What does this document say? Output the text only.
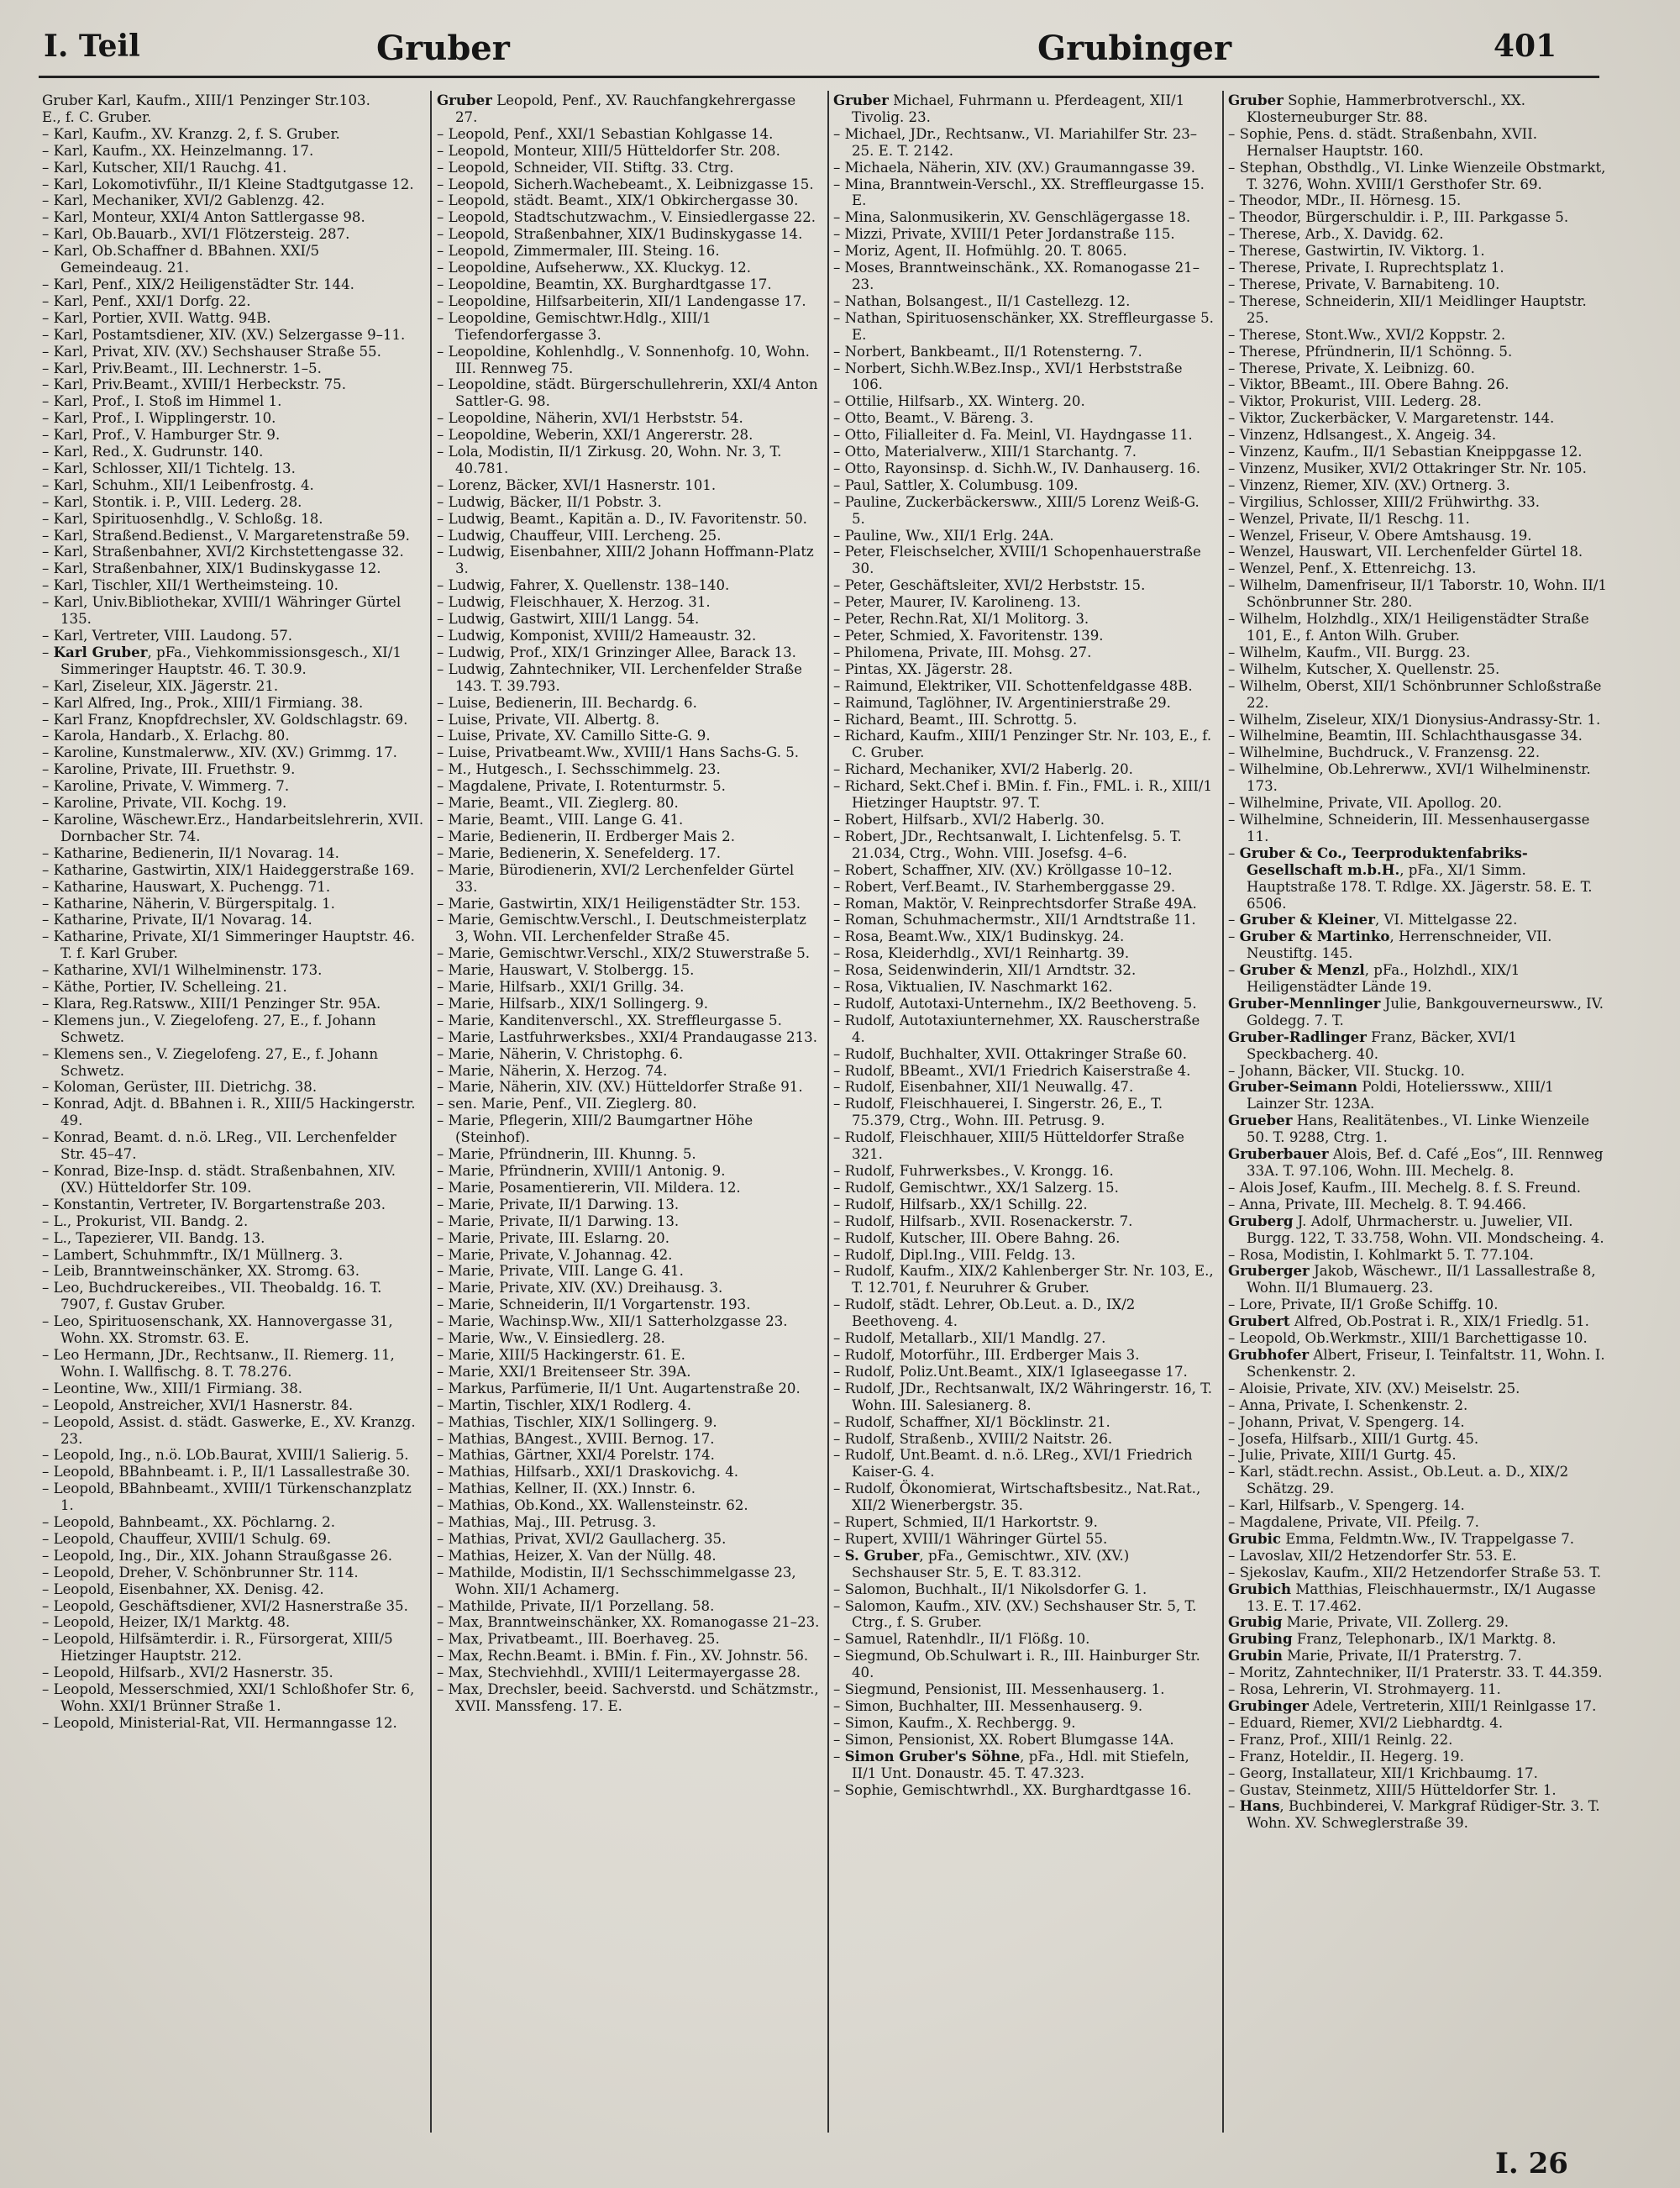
I. Teil	Gruber	Grubinger	401

Gruber Karl, Kaufm., XIII/1 Penzinger Str.103.

E., f. C. Gruber.

– Karl, Kaufm., XV. Kranzg. 2, f. S. Gruber.

– Karl, Kaufm., XX. Heinzelmanng. 17.

– Karl, Kutscher, XII/1 Rauchg. 41.

– Karl, Lokomotivführ., II/1 Kleine Stadtgutgasse 12.

– Karl, Mechaniker, XVI/2 Gablenzg. 42.

– Karl, Monteur, XXI/4 Anton Sattlergasse 98.

– Karl, Ob.Bauarb., XVI/1 Flötzersteig. 287.

– Karl, Ob.Schaffner d. BBahnen. XXI/5 Gemeindeaug. 21.

– Karl, Penf., XIX/2 Heiligenstädter Str. 144.

– Karl, Penf., XXI/1 Dorfg. 22.

– Karl, Portier, XVII. Wattg. 94B.

– Karl, Postamtsdiener, XIV. (XV.) Selzergasse 9–11.

– Karl, Privat, XIV. (XV.) Sechshauser Straße 55.

– Karl, Priv.Beamt., III. Lechnerstr. 1–5.

– Karl, Priv.Beamt., XVIII/1 Herbeckstr. 75.

– Karl, Prof., I. Stoß im Himmel 1.

– Karl, Prof., I. Wipplingerstr. 10.

– Karl, Prof., V. Hamburger Str. 9.

– Karl, Red., X. Gudrunstr. 140.

– Karl, Schlosser, XII/1 Tichtelg. 13.

– Karl, Schuhm., XII/1 Leibenfrostg. 4.

– Karl, Stontik. i. P., VIII. Lederg. 28.

– Karl, Spirituosenhdlg., V. Schloßg. 18.

– Karl, Straßend.Bedienst., V. Margaretenstraße 59.

– Karl, Straßenbahner, XVI/2 Kirchstettengasse 32.

– Karl, Straßenbahner, XIX/1 Budinskygasse 12.

– Karl, Tischler, XII/1 Wertheimsteing. 10.

– Karl, Univ.Bibliothekar, XVIII/1 Währinger Gürtel 135.

– Karl, Vertreter, VIII. Laudong. 57.

– Karl Gruber, pFa., Viehkommissionsgesch., XI/1 Simmeringer Hauptstr. 46. T. 30.9.

– Karl, Ziseleur, XIX. Jägerstr. 21.

– Karl Alfred, Ing., Prok., XIII/1 Firmiang. 38.

– Karl Franz, Knopfdrechsler, XV. Goldschlagstr. 69.

– Karola, Handarb., X. Erlachg. 80.

– Karoline, Kunstmalerww., XIV. (XV.) Grimmg. 17.

– Karoline, Private, III. Fruethstr. 9.

– Karoline, Private, V. Wimmerg. 7.

– Karoline, Private, VII. Kochg. 19.

– Karoline, Wäschewr.Erz., Handarbeitslehrerin, XVII. Dornbacher Str. 74.

– Katharine, Bedienerin, II/1 Novarag. 14.

– Katharine, Gastwirtin, XIX/1 Haideggerstraße 169.

– Katharine, Hauswart, X. Puchengg. 71.

– Katharine, Näherin, V. Bürgerspitalg. 1.

– Katharine, Private, II/1 Novarag. 14.

– Katharine, Private, XI/1 Simmeringer Hauptstr. 46. T. f. Karl Gruber.

– Katharine, XVI/1 Wilhelminenstr. 173.

– Käthe, Portier, IV. Schelleing. 21.

– Klara, Reg.Ratsww., XIII/1 Penzinger Str. 95A.

– Klemens jun., V. Ziegelofeng. 27, E., f. Johann Schwetz.

– Klemens sen., V. Ziegelofeng. 27, E., f. Johann Schwetz.

– Koloman, Gerüster, III. Dietrichg. 38.

– Konrad, Adjt. d. BBahnen i. R., XIII/5 Hackingerstr. 49.

– Konrad, Beamt. d. n.ö. LReg., VII. Lerchenfelder Str. 45–47.

– Konrad, Bize-Insp. d. städt. Straßenbahnen, XIV. (XV.) Hütteldorfer Str. 109.

– Konstantin, Vertreter, IV. Borgartenstraße 203.

– L., Prokurist, VII. Bandg. 2.

– L., Tapezierer, VII. Bandg. 13.

– Lambert, Schuhmmftr., IX/1 Müllnerg. 3.

– Leib, Branntweinschänker, XX. Stromg. 63.

– Leo, Buchdruckereibes., VII. Theobaldg. 16. T. 7907, f. Gustav Gruber.

– Leo, Spirituosenschank, XX. Hannovergasse 31, Wohn. XX. Stromstr. 63. E.

– Leo Hermann, JDr., Rechtsanw., II. Riemerg. 11, Wohn. I. Wallfischg. 8. T. 78.276.

– Leontine, Ww., XIII/1 Firmiang. 38.

– Leopold, Anstreicher, XVI/1 Hasnerstr. 84.

– Leopold, Assist. d. städt. Gaswerke, E., XV. Kranzg. 23.

– Leopold, Ing., n.ö. LOb.Baurat, XVIII/1 Salierig. 5.

– Leopold, BBahnbeamt. i. P., II/1 Lassallestraße 30.

– Leopold, BBahnbeamt., XVIII/1 Türkenschanzplatz 1.

– Leopold, Bahnbeamt., XX. Pöchlarng. 2.

– Leopold, Chauffeur, XVIII/1 Schulg. 69.

– Leopold, Ing., Dir., XIX. Johann Straußgasse 26.

– Leopold, Dreher, V. Schönbrunner Str. 114.

– Leopold, Eisenbahner, XX. Denisg. 42.

– Leopold, Geschäftsdiener, XVI/2 Hasnerstraße 35.

– Leopold, Heizer, IX/1 Marktg. 48.

– Leopold, Hilfsämterdir. i. R., Fürsorgerat, XIII/5 Hietzinger Hauptstr. 212.

– Leopold, Hilfsarb., XVI/2 Hasnerstr. 35.

– Leopold, Messerschmied, XXI/1 Schloßhofer Str. 6, Wohn. XXI/1 Brünner Straße 1.

– Leopold, Ministerial-Rat, VII. Hermanngasse 12.

Gruber Leopold, Penf., XV. Rauchfangkehrergasse 27.

– Leopold, Penf., XXI/1 Sebastian Kohlgasse 14.

– Leopold, Monteur, XIII/5 Hütteldorfer Str. 208.

– Leopold, Schneider, VII. Stiftg. 33. Ctrg.

– Leopold, Sicherh.Wachebeamt., X. Leibnizgasse 15.

– Leopold, städt. Beamt., XIX/1 Obkirchergasse 30.

– Leopold, Stadtschutzwachm., V. Einsiedlergasse 22.

– Leopold, Straßenbahner, XIX/1 Budinskygasse 14.

– Leopold, Zimmermaler, III. Steing. 16.

– Leopoldine, Aufseherww., XX. Kluckyg. 12.

– Leopoldine, Beamtin, XX. Burghardtgasse 17.

– Leopoldine, Hilfsarbeiterin, XII/1 Landengasse 17.

– Leopoldine, Gemischtwr.Hdlg., XIII/1 Tiefendorfergasse 3.

– Leopoldine, Kohlenhdlg., V. Sonnenhofg. 10, Wohn. III. Rennweg 75.

– Leopoldine, städt. Bürgerschullehrerin, XXI/4 Anton Sattler-G. 98.

– Leopoldine, Näherin, XVI/1 Herbststr. 54.

– Leopoldine, Weberin, XXI/1 Angererstr. 28.

– Lola, Modistin, II/1 Zirkusg. 20, Wohn. Nr. 3, T. 40.781.

– Lorenz, Bäcker, XVI/1 Hasnerstr. 101.

– Ludwig, Bäcker, II/1 Pobstr. 3.

– Ludwig, Beamt., Kapitän a. D., IV. Favoritenstr. 50.

– Ludwig, Chauffeur, VIII. Lercheng. 25.

– Ludwig, Eisenbahner, XIII/2 Johann Hoffmann-Platz 3.

– Ludwig, Fahrer, X. Quellenstr. 138–140.

– Ludwig, Fleischhauer, X. Herzog. 31.

– Ludwig, Gastwirt, XIII/1 Langg. 54.

– Ludwig, Komponist, XVIII/2 Hameaustr. 32.

– Ludwig, Prof., XIX/1 Grinzinger Allee, Barack 13.

– Ludwig, Zahntechniker, VII. Lerchenfelder Straße 143. T. 39.793.

– Luise, Bedienerin, III. Bechardg. 6.

– Luise, Private, VII. Albertg. 8.

– Luise, Private, XV. Camillo Sitte-G. 9.

– Luise, Privatbeamt.Ww., XVIII/1 Hans Sachs-G. 5.

– M., Hutgesch., I. Sechsschimmelg. 23.

– Magdalene, Private, I. Rotenturmstr. 5.

– Marie, Beamt., VII. Zieglerg. 80.

– Marie, Beamt., VIII. Lange G. 41.

– Marie, Bedienerin, II. Erdberger Mais 2.

– Marie, Bedienerin, X. Senefelderg. 17.

– Marie, Bürodienerin, XVI/2 Lerchenfelder Gürtel 33.

– Marie, Gastwirtin, XIX/1 Heiligenstädter Str. 153.

– Marie, Gemischtw.Verschl., I. Deutschmeisterplatz 3, Wohn. VII. Lerchenfelder Straße 45.

– Marie, Gemischtwr.Verschl., XIX/2 Stuwerstraße 5.

– Marie, Hauswart, V. Stolbergg. 15.

– Marie, Hilfsarb., XXI/1 Grillg. 34.

– Marie, Hilfsarb., XIX/1 Sollingerg. 9.

– Marie, Kanditenverschl., XX. Streffleurgasse 5.

– Marie, Lastfuhrwerksbes., XXI/4 Prandaugasse 213.

– Marie, Näherin, V. Christophg. 6.

– Marie, Näherin, X. Herzog. 74.

– Marie, Näherin, XIV. (XV.) Hütteldorfer Straße 91.

– sen. Marie, Penf., VII. Zieglerg. 80.

– Marie, Pflegerin, XIII/2 Baumgartner Höhe (Steinhof).

– Marie, Pfründnerin, III. Khunng. 5.

– Marie, Pfründnerin, XVIII/1 Antonig. 9.

– Marie, Posamentiererin, VII. Mildera. 12.

– Marie, Private, II/1 Darwing. 13.

– Marie, Private, II/1 Darwing. 13.

– Marie, Private, III. Eslarng. 20.

– Marie, Private, V. Johannag. 42.

– Marie, Private, VIII. Lange G. 41.

– Marie, Private, XIV. (XV.) Dreihausg. 3.

– Marie, Schneiderin, II/1 Vorgartenstr. 193.

– Marie, Wachinsp.Ww., XII/1 Satterholzgasse 23.

– Marie, Ww., V. Einsiedlerg. 28.

– Marie, XIII/5 Hackingerstr. 61. E.

– Marie, XXI/1 Breitenseer Str. 39A.

– Markus, Parfümerie, II/1 Unt. Augartenstraße 20.

– Martin, Tischler, XIX/1 Rodlerg. 4.

– Mathias, Tischler, XIX/1 Sollingerg. 9.

– Mathias, BAngest., XVIII. Bernog. 17.

– Mathias, Gärtner, XXI/4 Porelstr. 174.

– Mathias, Hilfsarb., XXI/1 Draskovichg. 4.

– Mathias, Kellner, II. (XX.) Innstr. 6.

– Mathias, Ob.Kond., XX. Wallensteinstr. 62.

– Mathias, Maj., III. Petrusg. 3.

– Mathias, Privat, XVI/2 Gaullacherg. 35.

– Mathias, Heizer, X. Van der Nüllg. 48.

– Mathilde, Modistin, II/1 Sechsschimmelgasse 23, Wohn. XII/1 Achamerg.

– Mathilde, Private, II/1 Porzellang. 58.

– Max, Branntweinschänker, XX. Romanogasse 21–23.

– Max, Privatbeamt., III. Boerhaveg. 25.

– Max, Rechn.Beamt. i. BMin. f. Fin., XV. Johnstr. 56.

– Max, Stechviehhdl., XVIII/1 Leitermayergasse 28.

– Max, Drechsler, beeid. Sachverstd. und Schätzmstr., XVII. Manssfeng. 17. E.

Gruber Michael, Fuhrmann u. Pferdeagent, XII/1 Tivolig. 23.

– Michael, JDr., Rechtsanw., VI. Mariahilfer Str. 23–25. E. T. 2142.

– Michaela, Näherin, XIV. (XV.) Graumanngasse 39.

– Mina, Branntwein-Verschl., XX. Streffleurgasse 15. E.

– Mina, Salonmusikerin, XV. Genschlägergasse 18.

– Mizzi, Private, XVIII/1 Peter Jordanstraße 115.

– Moriz, Agent, II. Hofmühlg. 20. T. 8065.

– Moses, Branntweinschänk., XX. Romanogasse 21–23.

– Nathan, Bolsangest., II/1 Castellezg. 12.

– Nathan, Spirituosenschänker, XX. Streffleurgasse 5. E.

– Norbert, Bankbeamt., II/1 Rotensterng. 7.

– Norbert, Sichh.W.Bez.Insp., XVI/1 Herbststraße 106.

– Ottilie, Hilfsarb., XX. Winterg. 20.

– Otto, Beamt., V. Bäreng. 3.

– Otto, Filialleiter d. Fa. Meinl, VI. Haydngasse 11.

– Otto, Materialverw., XIII/1 Starchantg. 7.

– Otto, Rayonsinsp. d. Sichh.W., IV. Danhauserg. 16.

– Paul, Sattler, X. Columbusg. 109.

– Pauline, Zuckerbäckersww., XIII/5 Lorenz Weiß-G. 5.

– Pauline, Ww., XII/1 Erlg. 24A.

– Peter, Fleischselcher, XVIII/1 Schopenhauerstraße 30.

– Peter, Geschäftsleiter, XVI/2 Herbststr. 15.

– Peter, Maurer, IV. Karolineng. 13.

– Peter, Rechn.Rat, XI/1 Molitorg. 3.

– Peter, Schmied, X. Favoritenstr. 139.

– Philomena, Private, III. Mohsg. 27.

– Pintas, XX. Jägerstr. 28.

– Raimund, Elektriker, VII. Schottenfeldgasse 48B.

– Raimund, Taglöhner, IV. Argentinierstraße 29.

– Richard, Beamt., III. Schrottg. 5.

– Richard, Kaufm., XIII/1 Penzinger Str. Nr. 103, E., f. C. Gruber.

– Richard, Mechaniker, XVI/2 Haberlg. 20.

– Richard, Sekt.Chef i. BMin. f. Fin., FML. i. R., XIII/1 Hietzinger Hauptstr. 97. T.

– Robert, Hilfsarb., XVI/2 Haberlg. 30.

– Robert, JDr., Rechtsanwalt, I. Lichtenfelsg. 5. T. 21.034, Ctrg., Wohn. VIII. Josefsg. 4–6.

– Robert, Schaffner, XIV. (XV.) Kröllgasse 10–12.

– Robert, Verf.Beamt., IV. Starhemberggasse 29.

– Roman, Maktör, V. Reinprechtsdorfer Straße 49A.

– Roman, Schuhmachermstr., XII/1 Arndtstraße 11.

– Rosa, Beamt.Ww., XIX/1 Budinskyg. 24.

– Rosa, Kleiderhdlg., XVI/1 Reinhartg. 39.

– Rosa, Seidenwinderin, XII/1 Arndtstr. 32.

– Rosa, Viktualien, IV. Naschmarkt 162.

– Rudolf, Autotaxi-Unternehm., IX/2 Beethoveng. 5.

– Rudolf, Autotaxiunternehmer, XX. Rauscherstraße 4.

– Rudolf, Buchhalter, XVII. Ottakringer Straße 60.

– Rudolf, BBeamt., XVI/1 Friedrich Kaiserstraße 4.

– Rudolf, Eisenbahner, XII/1 Neuwallg. 47.

– Rudolf, Fleischhauerei, I. Singerstr. 26, E., T. 75.379, Ctrg., Wohn. III. Petrusg. 9.

– Rudolf, Fleischhauer, XIII/5 Hütteldorfer Straße 321.

– Rudolf, Fuhrwerksbes., V. Krongg. 16.

– Rudolf, Gemischtwr., XX/1 Salzerg. 15.

– Rudolf, Hilfsarb., XX/1 Schillg. 22.

– Rudolf, Hilfsarb., XVII. Rosenackerstr. 7.

– Rudolf, Kutscher, III. Obere Bahng. 26.

– Rudolf, Dipl.Ing., VIII. Feldg. 13.

– Rudolf, Kaufm., XIX/2 Kahlenberger Str. Nr. 103, E., T. 12.701, f. Neuruhrer & Gruber.

– Rudolf, städt. Lehrer, Ob.Leut. a. D., IX/2 Beethoveng. 4.

– Rudolf, Metallarb., XII/1 Mandlg. 27.

– Rudolf, Motorführ., III. Erdberger Mais 3.

– Rudolf, Poliz.Unt.Beamt., XIX/1 Iglaseegasse 17.

– Rudolf, JDr., Rechtsanwalt, IX/2 Währingerstr. 16, T. Wohn. III. Salesianerg. 8.

– Rudolf, Schaffner, XI/1 Böcklinstr. 21.

– Rudolf, Straßenb., XVIII/2 Naitstr. 26.

– Rudolf, Unt.Beamt. d. n.ö. LReg., XVI/1 Friedrich Kaiser-G. 4.

– Rudolf, Ökonomierat, Wirtschaftsbesitz., Nat.Rat., XII/2 Wienerbergstr. 35.

– Rupert, Schmied, II/1 Harkortstr. 9.

– Rupert, XVIII/1 Währinger Gürtel 55.

– S. Gruber, pFa., Gemischtwr., XIV. (XV.) Sechshauser Str. 5, E. T. 83.312.

– Salomon, Buchhalt., II/1 Nikolsdorfer G. 1.

– Salomon, Kaufm., XIV. (XV.) Sechshauser Str. 5, T. Ctrg., f. S. Gruber.

– Samuel, Ratenhdlr., II/1 Flößg. 10.

– Siegmund, Ob.Schulwart i. R., III. Hainburger Str. 40.

– Siegmund, Pensionist, III. Messenhauserg. 1.

– Simon, Buchhalter, III. Messenhauserg. 9.

– Simon, Kaufm., X. Rechbergg. 9.

– Simon, Pensionist, XX. Robert Blumgasse 14A.

– Simon Gruber's Söhne, pFa., Hdl. mit Stiefeln, II/1 Unt. Donaustr. 45. T. 47.323.

– Sophie, Gemischtwrhdl., XX. Burghardtgasse 16.

Gruber Sophie, Hammerbrotverschl., XX. Klosterneuburger Str. 88.

– Sophie, Pens. d. städt. Straßenbahn, XVII. Hernalser Hauptstr. 160.

– Stephan, Obsthdlg., VI. Linke Wienzeile Obstmarkt, T. 3276, Wohn. XVIII/1 Gersthofer Str. 69.

– Theodor, MDr., II. Hörnesg. 15.

– Theodor, Bürgerschuldir. i. P., III. Parkgasse 5.

– Therese, Arb., X. Davidg. 62.

– Therese, Gastwirtin, IV. Viktorg. 1.

– Therese, Private, I. Ruprechtsplatz 1.

– Therese, Private, V. Barnabiteng. 10.

– Therese, Schneiderin, XII/1 Meidlinger Hauptstr. 25.

– Therese, Stont.Ww., XVI/2 Koppstr. 2.

– Therese, Pfründnerin, II/1 Schönng. 5.

– Therese, Private, X. Leibnizg. 60.

– Viktor, BBeamt., III. Obere Bahng. 26.

– Viktor, Prokurist, VIII. Lederg. 28.

– Viktor, Zuckerbäcker, V. Margaretenstr. 144.

– Vinzenz, Hdlsangest., X. Angeig. 34.

– Vinzenz, Kaufm., II/1 Sebastian Kneippgasse 12.

– Vinzenz, Musiker, XVI/2 Ottakringer Str. Nr. 105.

– Vinzenz, Riemer, XIV. (XV.) Ortnerg. 3.

– Virgilius, Schlosser, XIII/2 Frühwirthg. 33.

– Wenzel, Private, II/1 Reschg. 11.

– Wenzel, Friseur, V. Obere Amtshausg. 19.

– Wenzel, Hauswart, VII. Lerchenfelder Gürtel 18.

– Wenzel, Penf., X. Ettenreichg. 13.

– Wilhelm, Damenfriseur, II/1 Taborstr. 10, Wohn. II/1 Schönbrunner Str. 280.

– Wilhelm, Holzhdlg., XIX/1 Heiligenstädter Straße 101, E., f. Anton Wilh. Gruber.

– Wilhelm, Kaufm., VII. Burgg. 23.

– Wilhelm, Kutscher, X. Quellenstr. 25.

– Wilhelm, Oberst, XII/1 Schönbrunner Schloßstraße 22.

– Wilhelm, Ziseleur, XIX/1 Dionysius-Andrassy-Str. 1.

– Wilhelmine, Beamtin, III. Schlachthausgasse 34.

– Wilhelmine, Buchdruck., V. Franzensg. 22.

– Wilhelmine, Ob.Lehrerww., XVI/1 Wilhelminenstr. 173.

– Wilhelmine, Private, VII. Apollog. 20.

– Wilhelmine, Schneiderin, III. Messenhausergasse 11.

– Gruber & Co., Teerproduktenfabriks-Gesellschaft m.b.H., pFa., XI/1 Simm. Hauptstraße 178. T. Rdlge. XX. Jägerstr. 58. E. T. 6506.

– Gruber & Kleiner, VI. Mittelgasse 22.

– Gruber & Martinko, Herrenschneider, VII. Neustiftg. 145.

– Gruber & Menzl, pFa., Holzhdl., XIX/1 Heiligenstädter Lände 19.

Gruber-Mennlinger Julie, Bankgouverneursww., IV. Goldegg. 7. T.

Gruber-Radlinger Franz, Bäcker, XVI/1 Speckbacherg. 40.

– Johann, Bäcker, VII. Stuckg. 10.

Gruber-Seimann Poldi, Hotelierssww., XIII/1 Lainzer Str. 123A.

Grueber Hans, Realitätenbes., VI. Linke Wienzeile 50. T. 9288, Ctrg. 1.

Gruberbauer Alois, Bef. d. Café „Eos“, III. Rennweg 33A. T. 97.106, Wohn. III. Mechelg. 8.

– Alois Josef, Kaufm., III. Mechelg. 8. f. S. Freund.

– Anna, Private, III. Mechelg. 8. T. 94.466.

Gruberg J. Adolf, Uhrmacherstr. u. Juwelier, VII. Burgg. 122, T. 33.758, Wohn. VII. Mondscheing. 4.

– Rosa, Modistin, I. Kohlmarkt 5. T. 77.104.

Gruberger Jakob, Wäschewr., II/1 Lassallestraße 8, Wohn. II/1 Blumauerg. 23.

– Lore, Private, II/1 Große Schiffg. 10.

Grubert Alfred, Ob.Postrat i. R., XIX/1 Friedlg. 51.

– Leopold, Ob.Werkmstr., XIII/1 Barchettigasse 10.

Grubhofer Albert, Friseur, I. Teinfaltstr. 11, Wohn. I. Schenkenstr. 2.

– Aloisie, Private, XIV. (XV.) Meiselstr. 25.

– Anna, Private, I. Schenkenstr. 2.

– Johann, Privat, V. Spengerg. 14.

– Josefa, Hilfsarb., XIII/1 Gurtg. 45.

– Julie, Private, XIII/1 Gurtg. 45.

– Karl, städt.rechn. Assist., Ob.Leut. a. D., XIX/2 Schätzg. 29.

– Karl, Hilfsarb., V. Spengerg. 14.

– Magdalene, Private, VII. Pfeilg. 7.

Grubic Emma, Feldmtn.Ww., IV. Trappelgasse 7.

– Lavoslav, XII/2 Hetzendorfer Str. 53. E.

– Sjekoslav, Kaufm., XII/2 Hetzendorfer Straße 53. T.

Grubich Matthias, Fleischhauermstr., IX/1 Augasse 13. E. T. 17.462.

Grubig Marie, Private, VII. Zollerg. 29.

Grubing Franz, Telephonarb., IX/1 Marktg. 8.

Grubin Marie, Private, II/1 Praterstrg. 7.

– Moritz, Zahntechniker, II/1 Praterstr. 33. T. 44.359.

– Rosa, Lehrerin, VI. Strohmayerg. 11.

Grubinger Adele, Vertreterin, XIII/1 Reinlgasse 17.

– Eduard, Riemer, XVI/2 Liebhardtg. 4.

– Franz, Prof., XIII/1 Reinlg. 22.

– Franz, Hoteldir., II. Hegerg. 19.

– Georg, Installateur, XII/1 Krichbaumg. 17.

– Gustav, Steinmetz, XIII/5 Hütteldorfer Str. 1.

– Hans, Buchbinderei, V. Markgraf Rüdiger-Str. 3. T. Wohn. XV. Schweglerstraße 39.

I. 26
